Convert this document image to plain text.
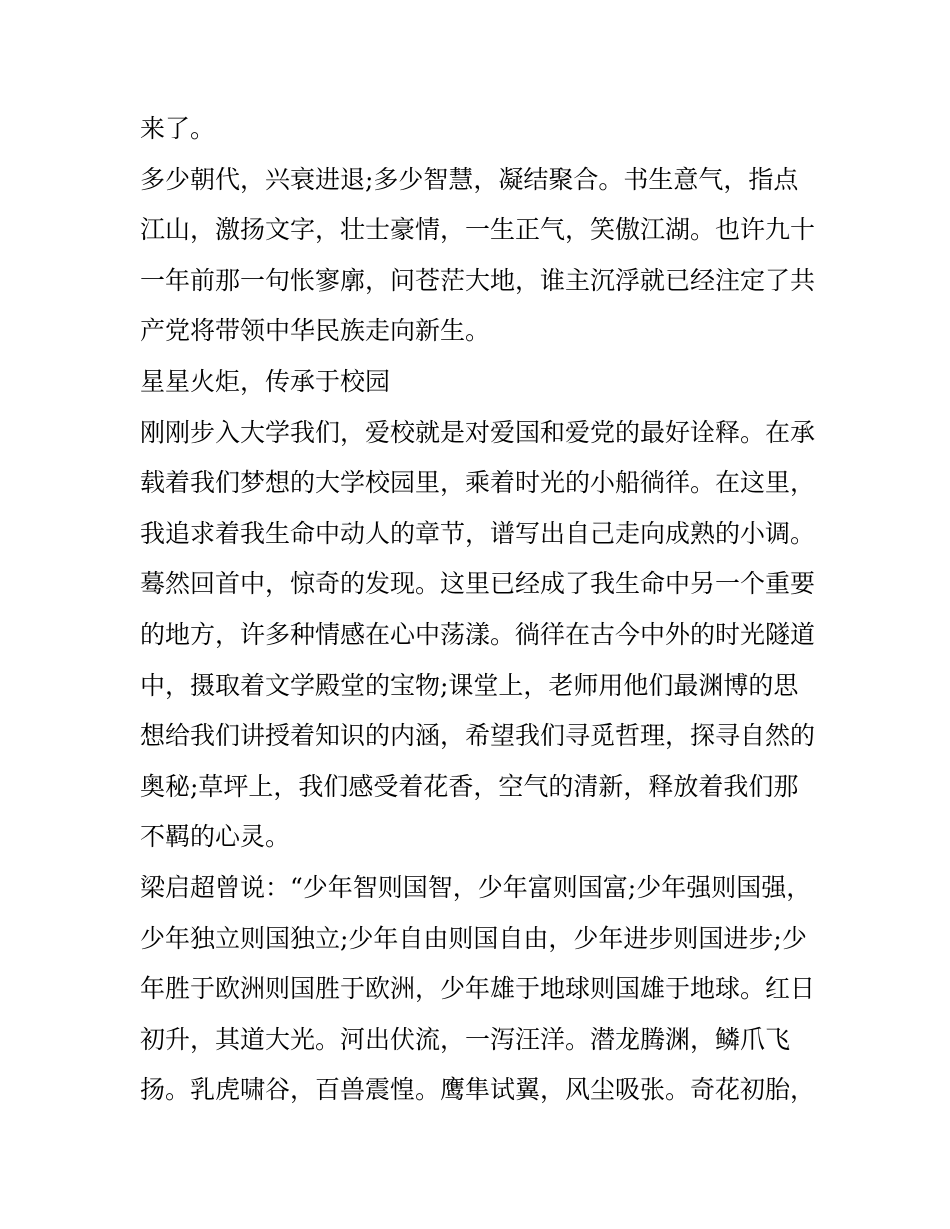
来了。
多少朝代，兴衰进退;多少智慧，凝结聚合。书生意气，指点
江山，激扬文字，壮士豪情，一生正气，笑傲江湖。也许九十
一年前那一句怅寥廓，问苍茫大地，谁主沉浮就已经注定了共
产党将带领中华民族走向新生。
星星火炬，传承于校园
刚刚步入大学我们，爱校就是对爱国和爱党的最好诠释。在承
载着我们梦想的大学校园里，乘着时光的小船徜徉。在这里，
我追求着我生命中动人的章节，谱写出自己走向成熟的小调。
蓦然回首中，惊奇的发现。这里已经成了我生命中另一个重要
的地方，许多种情感在心中荡漾。徜徉在古今中外的时光隧道
中，摄取着文学殿堂的宝物;课堂上，老师用他们最渊博的思
想给我们讲授着知识的内涵，希望我们寻觅哲理，探寻自然的
奥秘;草坪上，我们感受着花香，空气的清新，释放着我们那
不羁的心灵。
梁启超曾说：“少年智则国智，少年富则国富;少年强则国强，
少年独立则国独立;少年自由则国自由，少年进步则国进步;少
年胜于欧洲则国胜于欧洲，少年雄于地球则国雄于地球。红日
初升，其道大光。河出伏流，一泻汪洋。潜龙腾渊，鳞爪飞
扬。乳虎啸谷，百兽震惶。鹰隼试翼，风尘吸张。奇花初胎，
